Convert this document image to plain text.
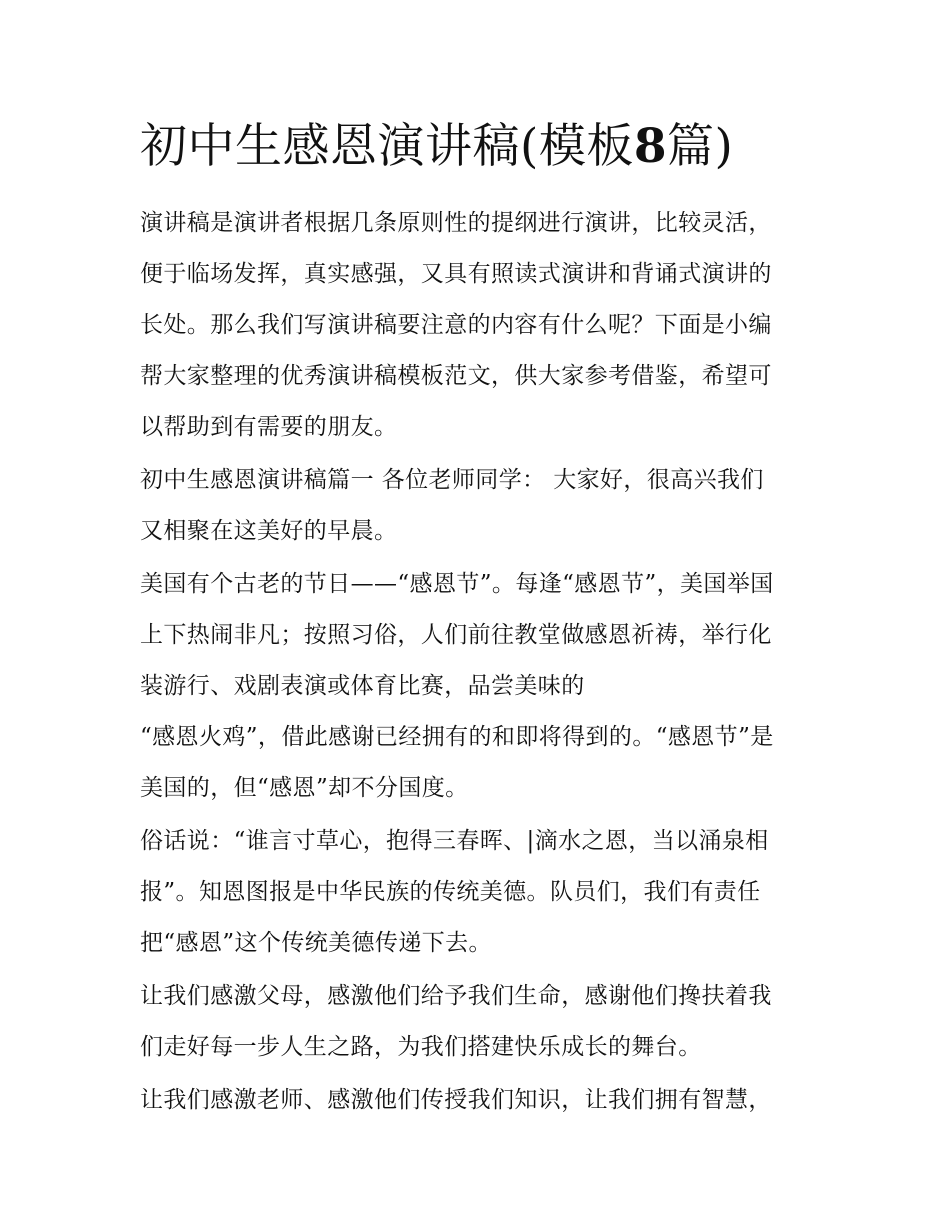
初中生感恩演讲稿(模板8篇)

演讲稿是演讲者根据几条原则性的提纲进行演讲，比较灵活，
便于临场发挥，真实感强，又具有照读式演讲和背诵式演讲的
长处。那么我们写演讲稿要注意的内容有什么呢？下面是小编
帮大家整理的优秀演讲稿模板范文，供大家参考借鉴，希望可
以帮助到有需要的朋友。

初中生感恩演讲稿篇一 各位老师同学： 大家好，很高兴我们
又相聚在这美好的早晨。

美国有个古老的节日——“感恩节”。每逢“感恩节”，美国举国
上下热闹非凡；按照习俗，人们前往教堂做感恩祈祷，举行化
装游行、戏剧表演或体育比赛，品尝美味的
“感恩火鸡”，借此感谢已经拥有的和即将得到的。“感恩节”是
美国的，但“感恩”却不分国度。

俗话说：“谁言寸草心，抱得三春晖、|滴水之恩，当以涌泉相
报”。知恩图报是中华民族的传统美德。队员们，我们有责任
把“感恩”这个传统美德传递下去。

让我们感激父母，感激他们给予我们生命，感谢他们搀扶着我
们走好每一步人生之路，为我们搭建快乐成长的舞台。

让我们感激老师、感激他们传授我们知识，让我们拥有智慧，
